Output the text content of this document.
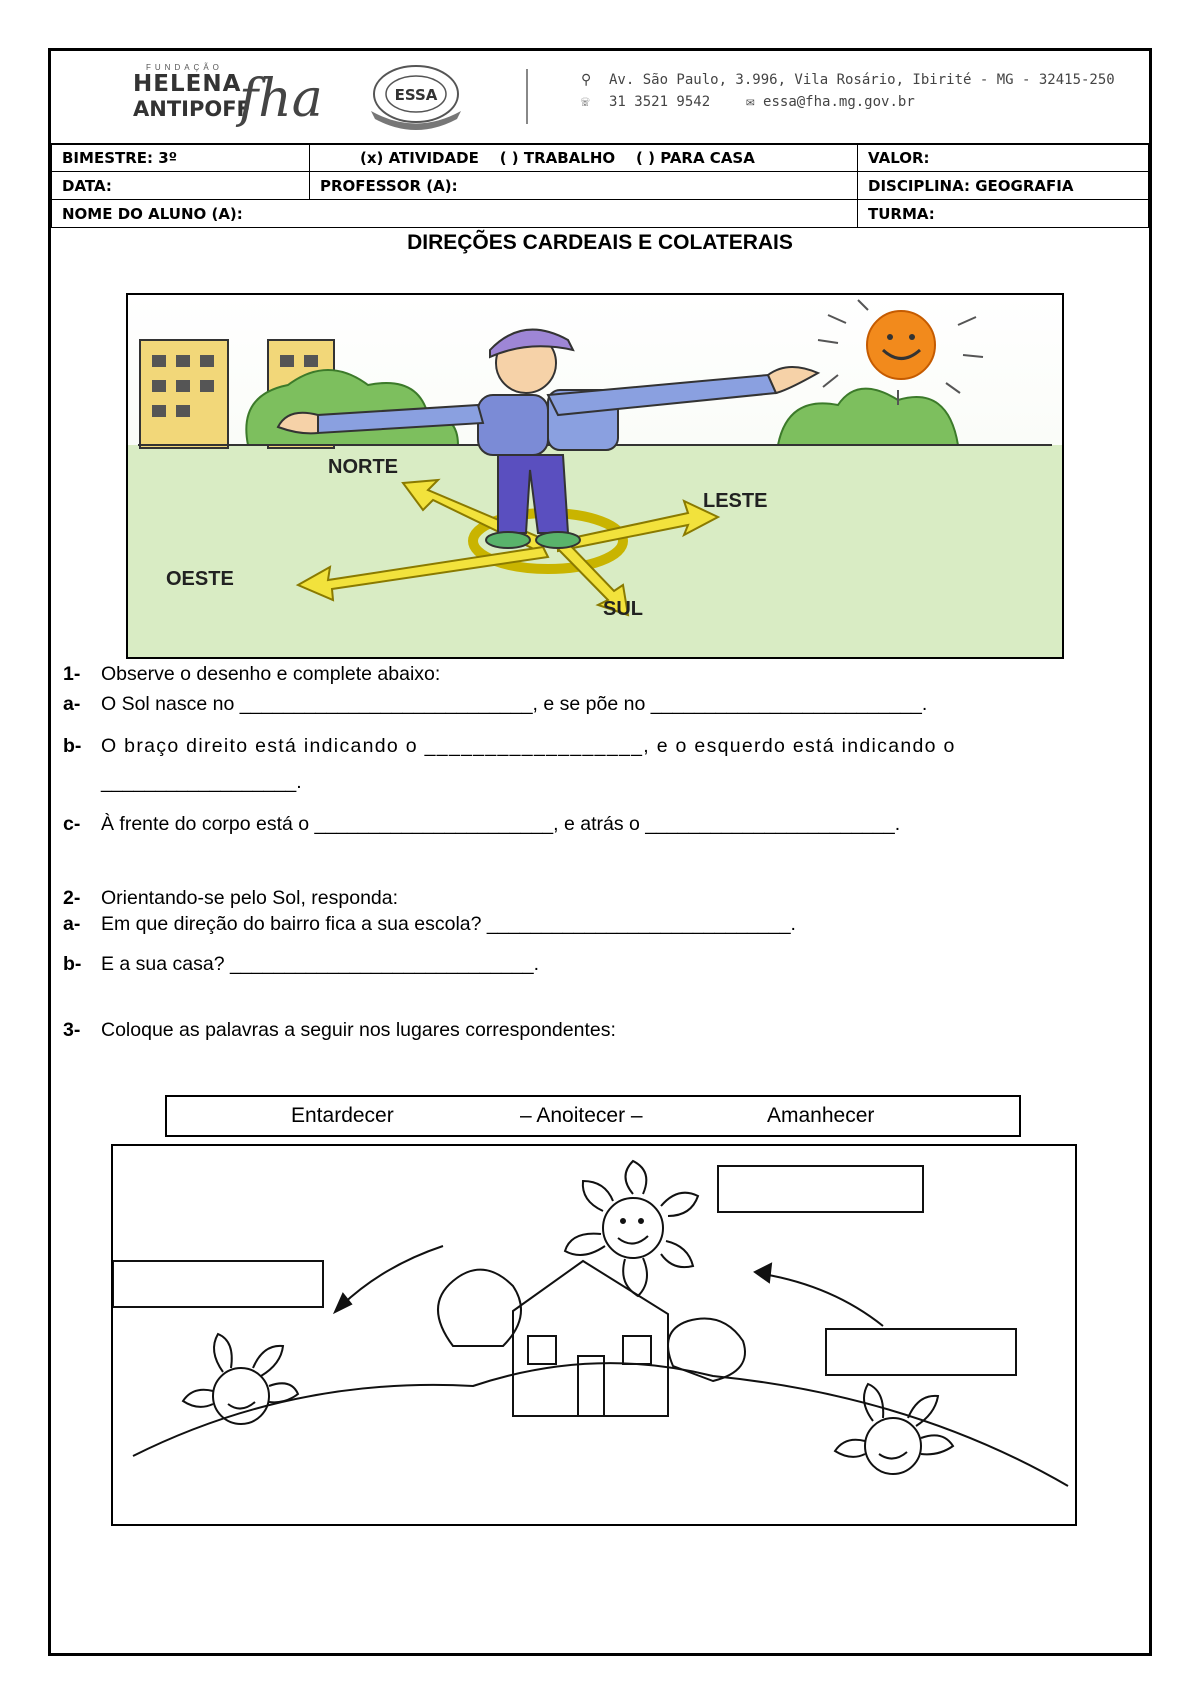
FUNDAÇÃO
HELENA
ANTIPOFF
fha	ESSA
⚲ Av. São Paulo, 3.996, Vila Rosário, Ibirité - MG - 32415-250
☏ 31 3521 9542	✉ essa@fha.mg.gov.br
BIMESTRE: 3º	(x) ATIVIDADE    ( ) TRABALHO    ( ) PARA CASA	VALOR:
DATA:	PROFESSOR (A):	DISCIPLINA: GEOGRAFIA
NOME DO ALUNO (A):		TURMA:
DIREÇÕES CARDEAIS E COLATERAIS
NORTE
LESTE
OESTE
SUL
1- Observe o desenho e complete abaixo:
a- O Sol nasce no ___________________________, e se põe no _________________________.
b- O braço direito está indicando o __________________, e o esquerdo está indicando o
__________________.
c- À frente do corpo está o ______________________, e atrás o _______________________.
2- Orientando-se pelo Sol, responda:
a- Em que direção do bairro fica a sua escola? ____________________________.
b- E a sua casa? ____________________________.
3- Coloque as palavras a seguir nos lugares correspondentes:
Entardecer	– Anoitecer –	Amanhecer
